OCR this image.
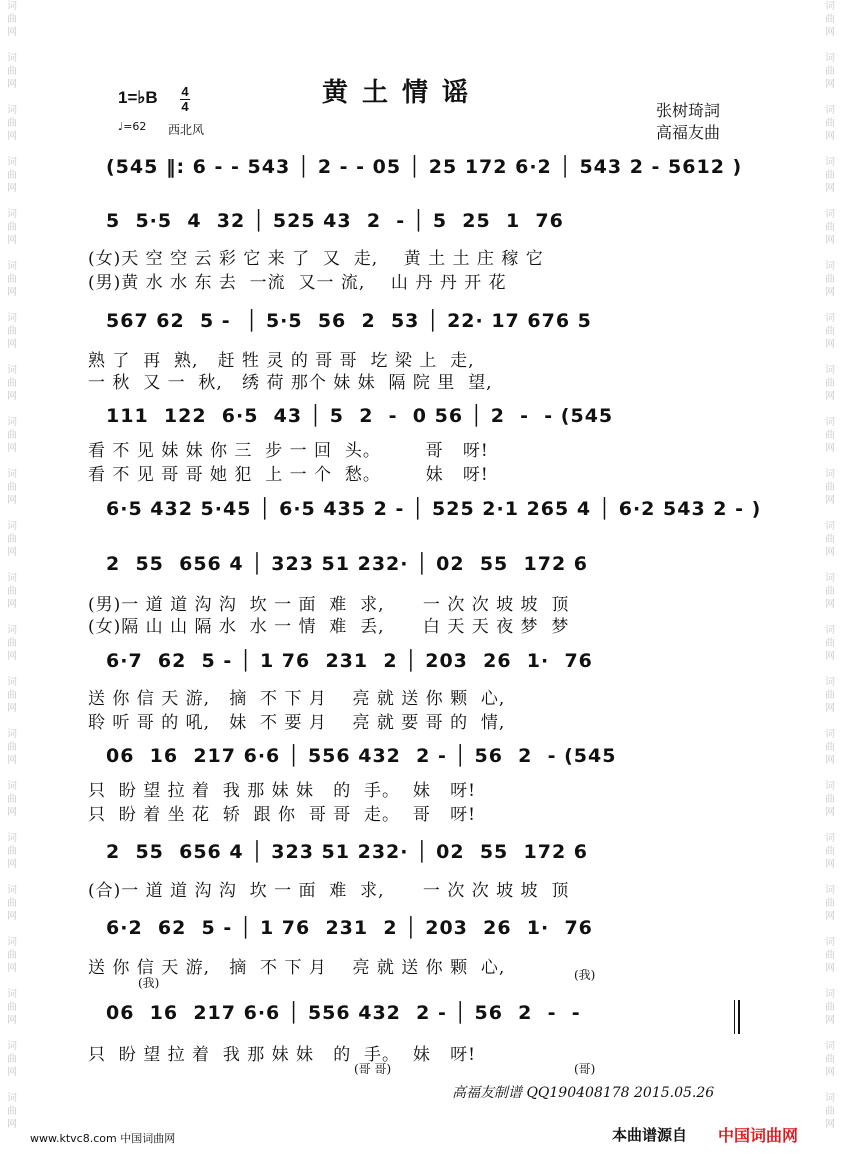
词
曲
网

词
曲
网

词
曲
网

词
曲
网

词
曲
网

词
曲
网

词
曲
网

词
曲
网

词
曲
网

词
曲
网

词
曲
网

词
曲
网

词
曲
网

词
曲
网

词
曲
网

词
曲
网

词
曲
网

词
曲
网

词
曲
网

词
曲
网

词
曲
网

词
曲
网
词
曲
网

词
曲
网

词
曲
网

词
曲
网

词
曲
网

词
曲
网

词
曲
网

词
曲
网

词
曲
网

词
曲
网

词
曲
网

词
曲
网

词
曲
网

词
曲
网

词
曲
网

词
曲
网

词
曲
网

词
曲
网

词
曲
网

词
曲
网

词
曲
网

词
曲
网
1=♭B 4
4
♩=62 西北风
黄土情谣
张树琦詞
高福友曲
(545 ‖: 6 - - 543 │ 2 - - 05 │ 25 172 6·2 │ 543 2 - 5612 )
5  5·5  4  32 │ 525 43  2  - │ 5  25  1  76
(女)天 空 空 云 彩 它 来 了  又  走,    黄 土 土 庄 稼 它
(男)黄 水 水 东 去  一流  又一 流,    山 丹 丹 开 花
567 62  5 -  │ 5·5  56  2  53 │ 22· 17 676 5
熟 了  再  熟,   赶 牲 灵 的 哥 哥  圪 梁 上  走,
一 秋  又 一  秋,   绣 荷 那个 妹 妹  隔 院 里  望,
111  122  6·5  43 │ 5  2  -  0 56 │ 2  -  - (545
看 不 见 妹 妹 你 三  步 一 回  头。       哥   呀!
看 不 见 哥 哥 她 犯  上 一 个  愁。       妹   呀!
6·5 432 5·45 │ 6·5 435 2 - │ 525 2·1 265 4 │ 6·2 543 2 - )
2  55  656 4 │ 323 51 232· │ 02  55  172 6
(男)一 道 道 沟 沟  坎 一 面  难  求,      一 次 次 坡 坡  顶
(女)隔 山 山 隔 水  水 一 情  难  丢,      白 天 天 夜 梦  梦
6·7  62  5 - │ 1 76  231  2 │ 203  26  1·  76
送 你 信 天 游,   摘  不 下 月    亮 就 送 你 颗  心,
聆 听 哥 的 吼,   妹  不 要 月    亮 就 要 哥 的  情,
06  16  217 6·6 │ 556 432  2 - │ 56  2  - (545
只  盼 望 拉 着  我 那 妹 妹   的  手。  妹   呀!
只  盼 着 坐 花  轿  跟 你  哥 哥  走。  哥   呀!
2  55  656 4 │ 323 51 232· │ 02  55  172 6
(合)一 道 道 沟 沟  坎 一 面  难  求,      一 次 次 坡 坡  顶
6·2  62  5 - │ 1 76  231  2 │ 203  26  1·  76
送 你 信 天 游,   摘  不 下 月    亮 就 送 你 颗  心,
(我)
(我)
06  16  217 6·6 │ 556 432  2 - │ 56  2  -  -
只  盼 望 拉 着  我 那 妹 妹   的  手。  妹   呀!
(哥 哥)	(哥)
高福友制谱 QQ190408178 2015.05.26
www.ktvc8.com 中国词曲网	本曲谱源自 中国词曲网
